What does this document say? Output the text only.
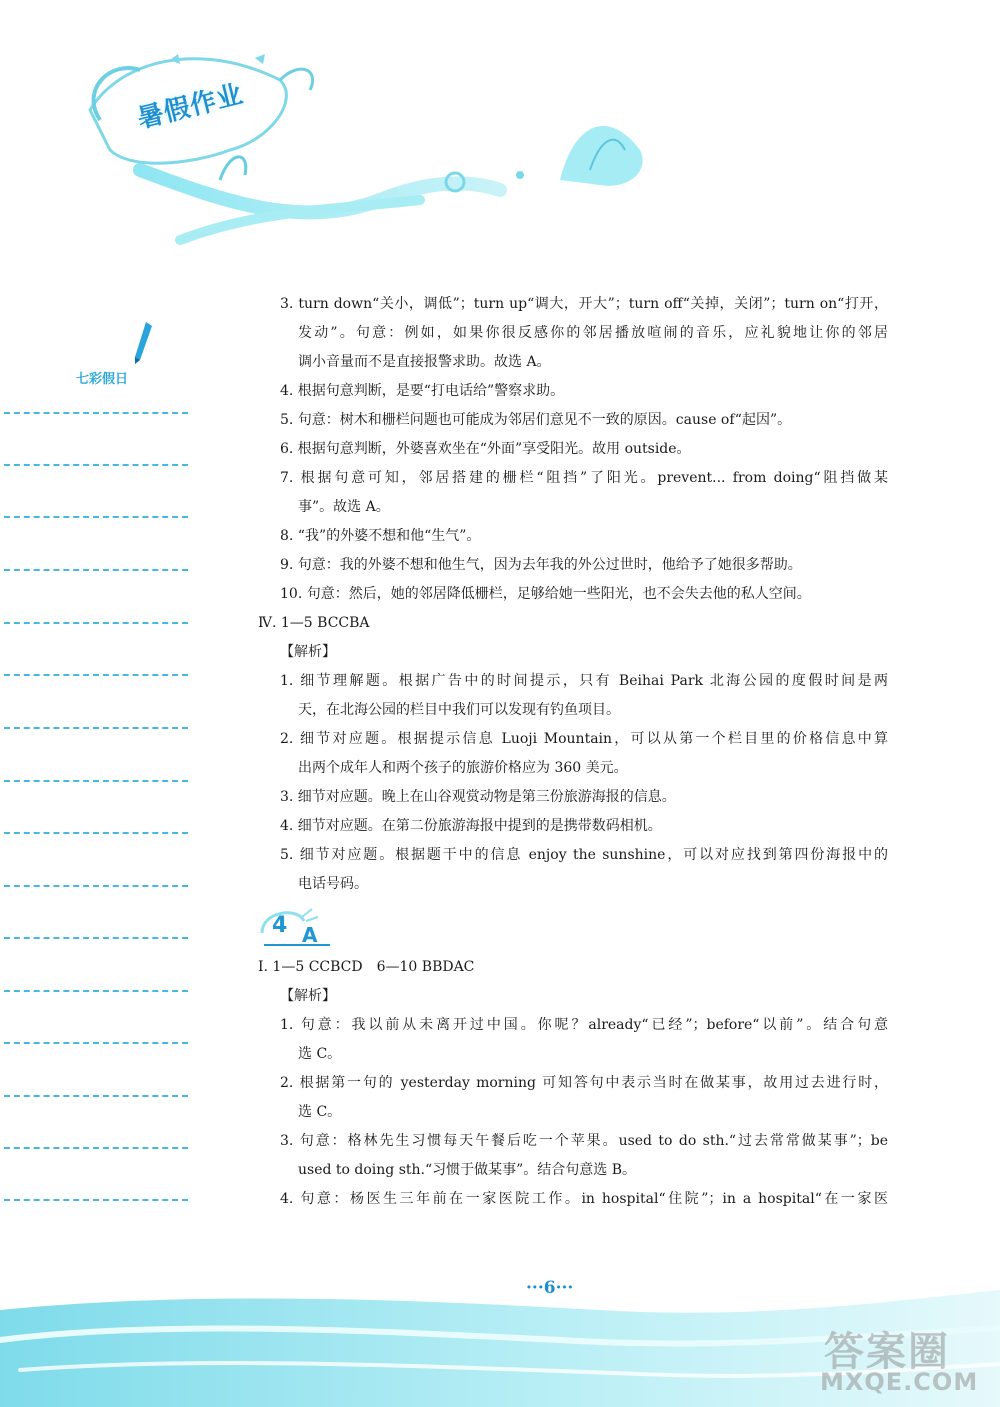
暑假作业
七彩假日
3. turn down“关小，调低”；turn up“调大，开大”；turn off“关掉，关闭”；turn on“打开，
发动”。句意：例如，如果你很反感你的邻居播放喧闹的音乐，应礼貌地让你的邻居
调小音量而不是直接报警求助。故选 A。
4. 根据句意判断，是要“打电话给”警察求助。
5. 句意：树木和栅栏问题也可能成为邻居们意见不一致的原因。cause of“起因”。
6. 根据句意判断，外婆喜欢坐在“外面”享受阳光。故用 outside。
7. 根据句意可知，邻居搭建的栅栏“阻挡”了阳光。prevent... from doing“阻挡做某
事”。故选 A。
8. “我”的外婆不想和他“生气”。
9. 句意：我的外婆不想和他生气，因为去年我的外公过世时，他给予了她很多帮助。
10. 句意：然后，她的邻居降低栅栏，足够给她一些阳光，也不会失去他的私人空间。
Ⅳ. 1—5 BCCBA
【解析】
1. 细节理解题。根据广告中的时间提示，只有 Beihai Park 北海公园的度假时间是两
天，在北海公园的栏目中我们可以发现有钓鱼项目。
2. 细节对应题。根据提示信息 Luoji Mountain，可以从第一个栏目里的价格信息中算
出两个成年人和两个孩子的旅游价格应为 360 美元。
3. 细节对应题。晚上在山谷观赏动物是第三份旅游海报的信息。
4. 细节对应题。在第二份旅游海报中提到的是携带数码相机。
5. 细节对应题。根据题干中的信息 enjoy the sunshine，可以对应找到第四份海报中的
电话号码。
4 A
Ⅰ. 1—5 CCBCD　6—10 BBDAC
【解析】
1. 句意：我以前从未离开过中国。你呢？already“已经”；before“以前”。结合句意
选 C。
2. 根据第一句的 yesterday morning 可知答句中表示当时在做某事，故用过去进行时，
选 C。
3. 句意：格林先生习惯每天午餐后吃一个苹果。used to do sth.“过去常常做某事”；be
used to doing sth.“习惯于做某事”。结合句意选 B。
4. 句意：杨医生三年前在一家医院工作。in hospital“住院”；in a hospital“在一家医
···6···
答案圈
MXQE.COM
